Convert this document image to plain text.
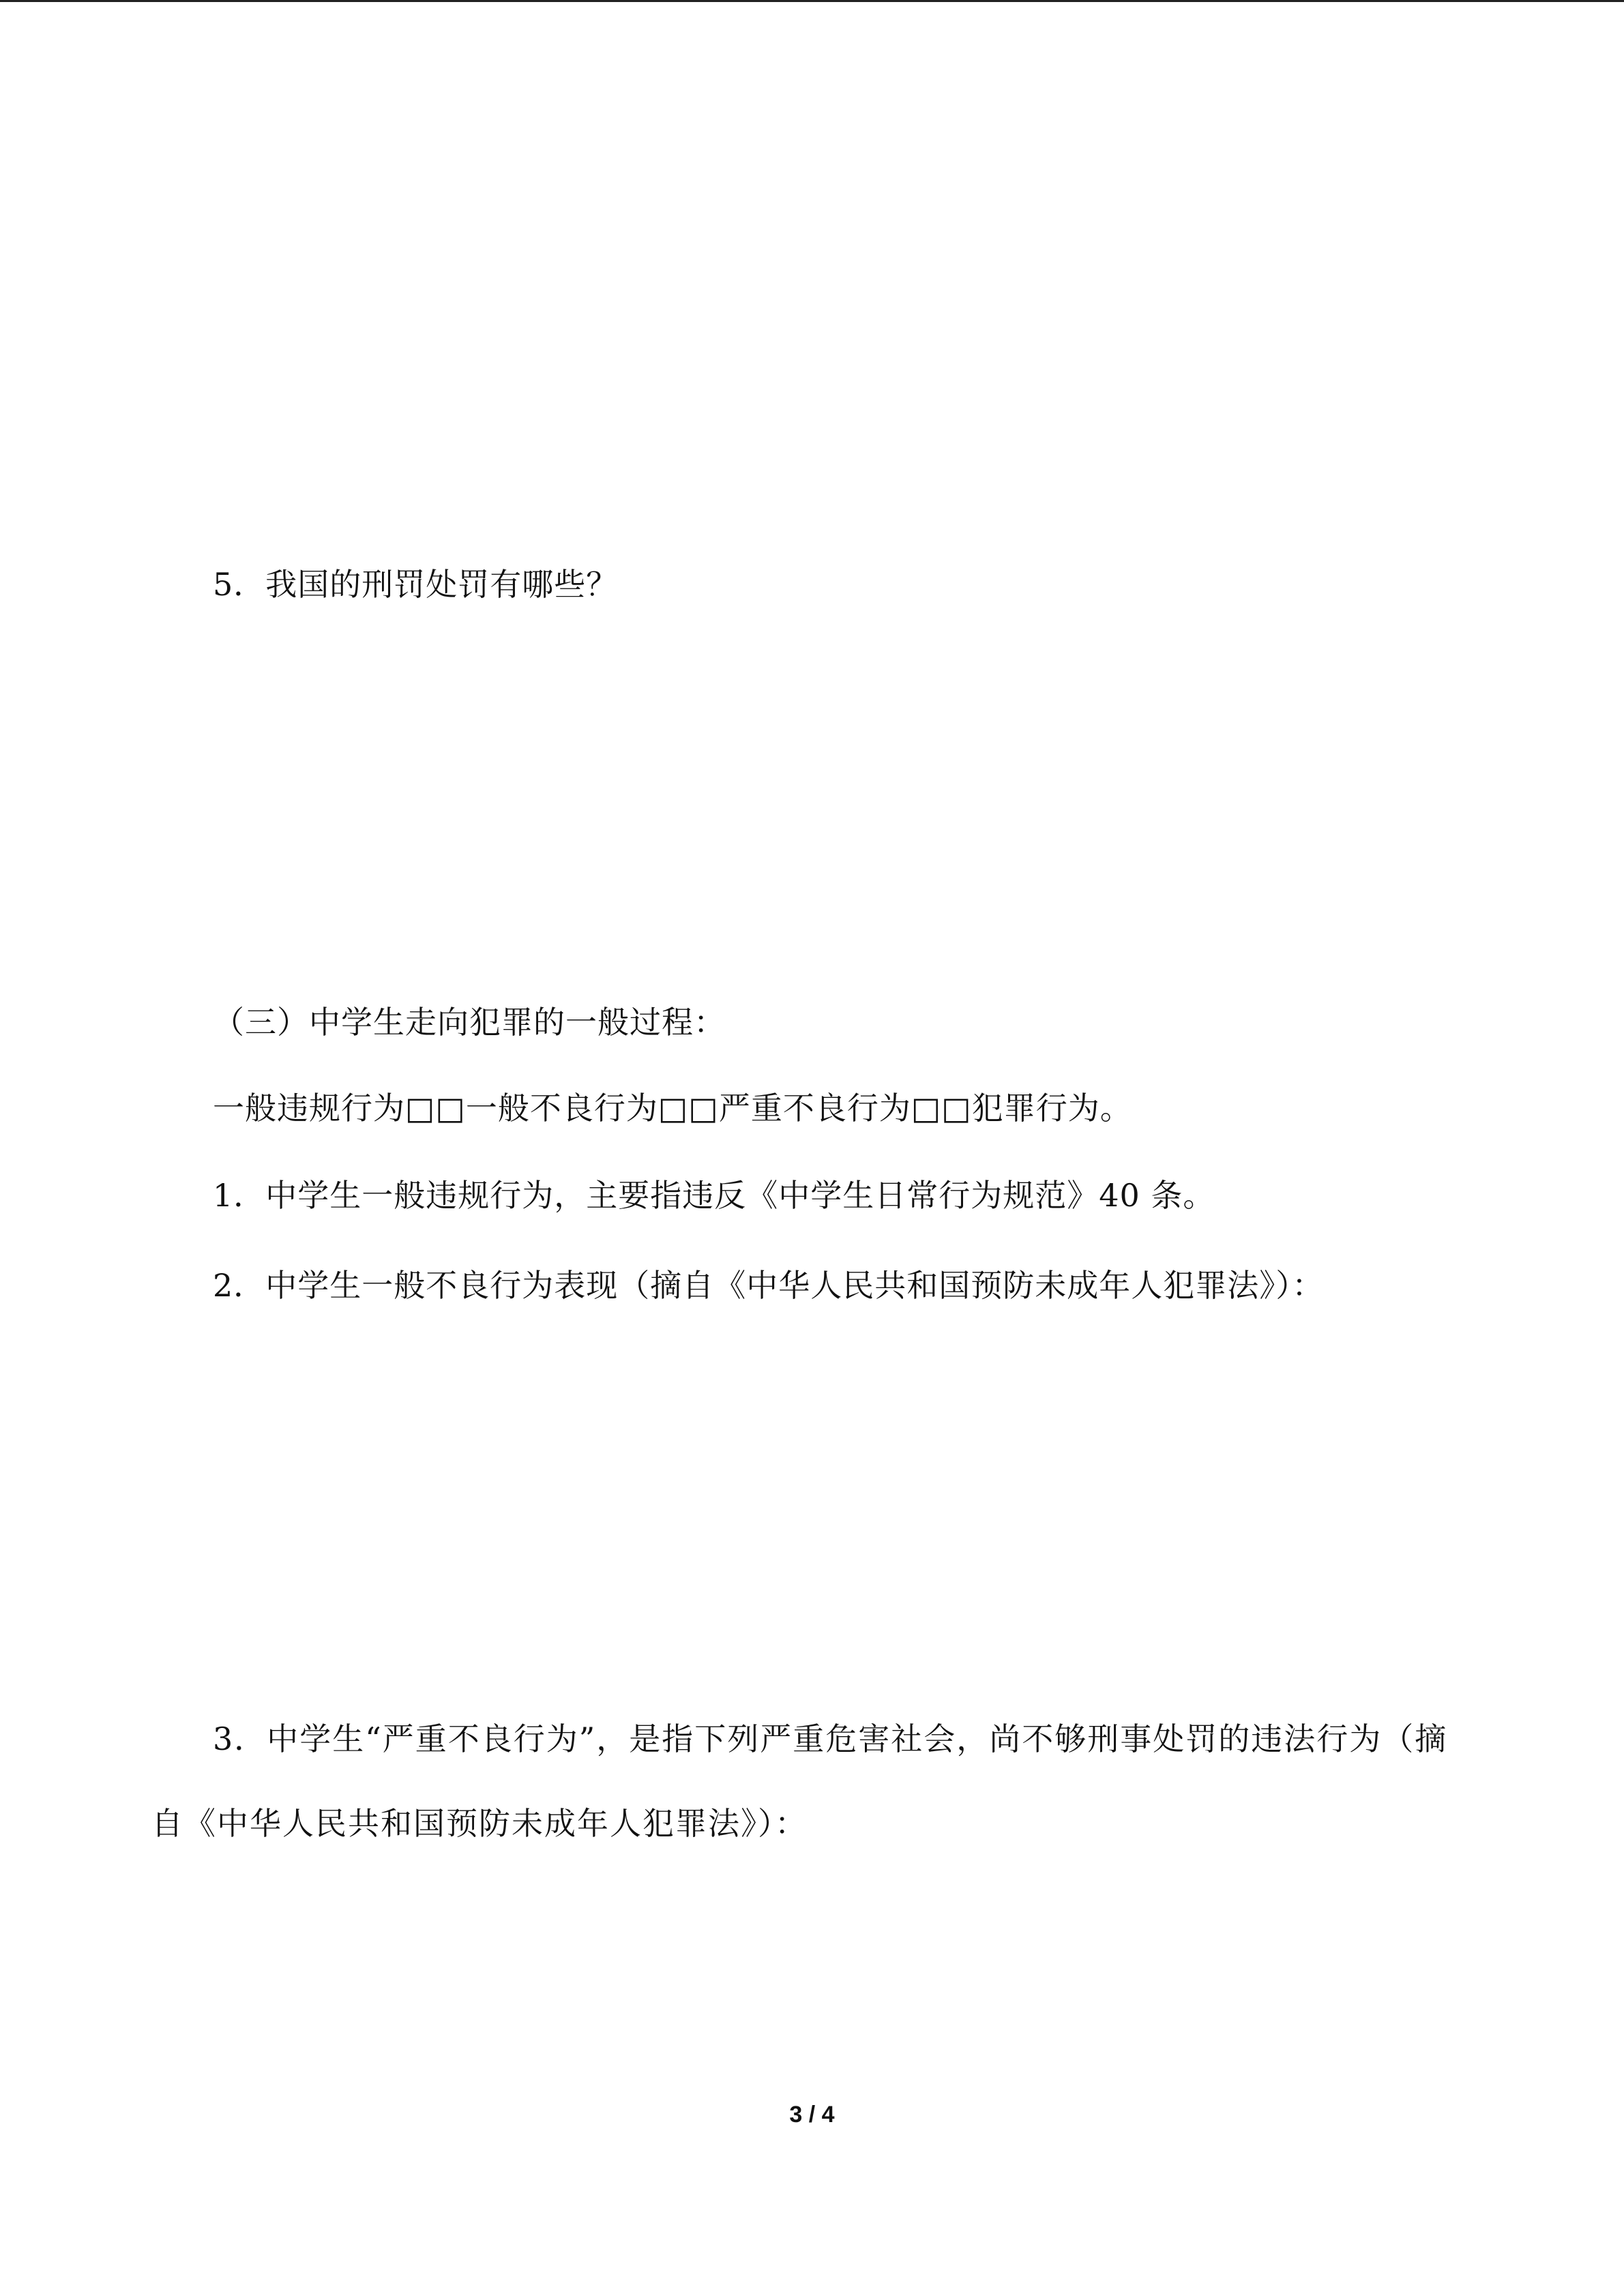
5．我国的刑罚处罚有哪些？

（三）中学生走向犯罪的一般过程：

一般违规行为□□一般不良行为□□严重不良行为□□犯罪行为。

1．中学生一般违规行为，主要指违反《中学生日常行为规范》40 条。

2．中学生一般不良行为表现（摘自《中华人民共和国预防未成年人犯罪法》）：

3．中学生“严重不良行为”，是指下列严重危害社会，尚不够刑事处罚的违法行为（摘自《中华人民共和国预防未成年人犯罪法》）：

3 / 4
